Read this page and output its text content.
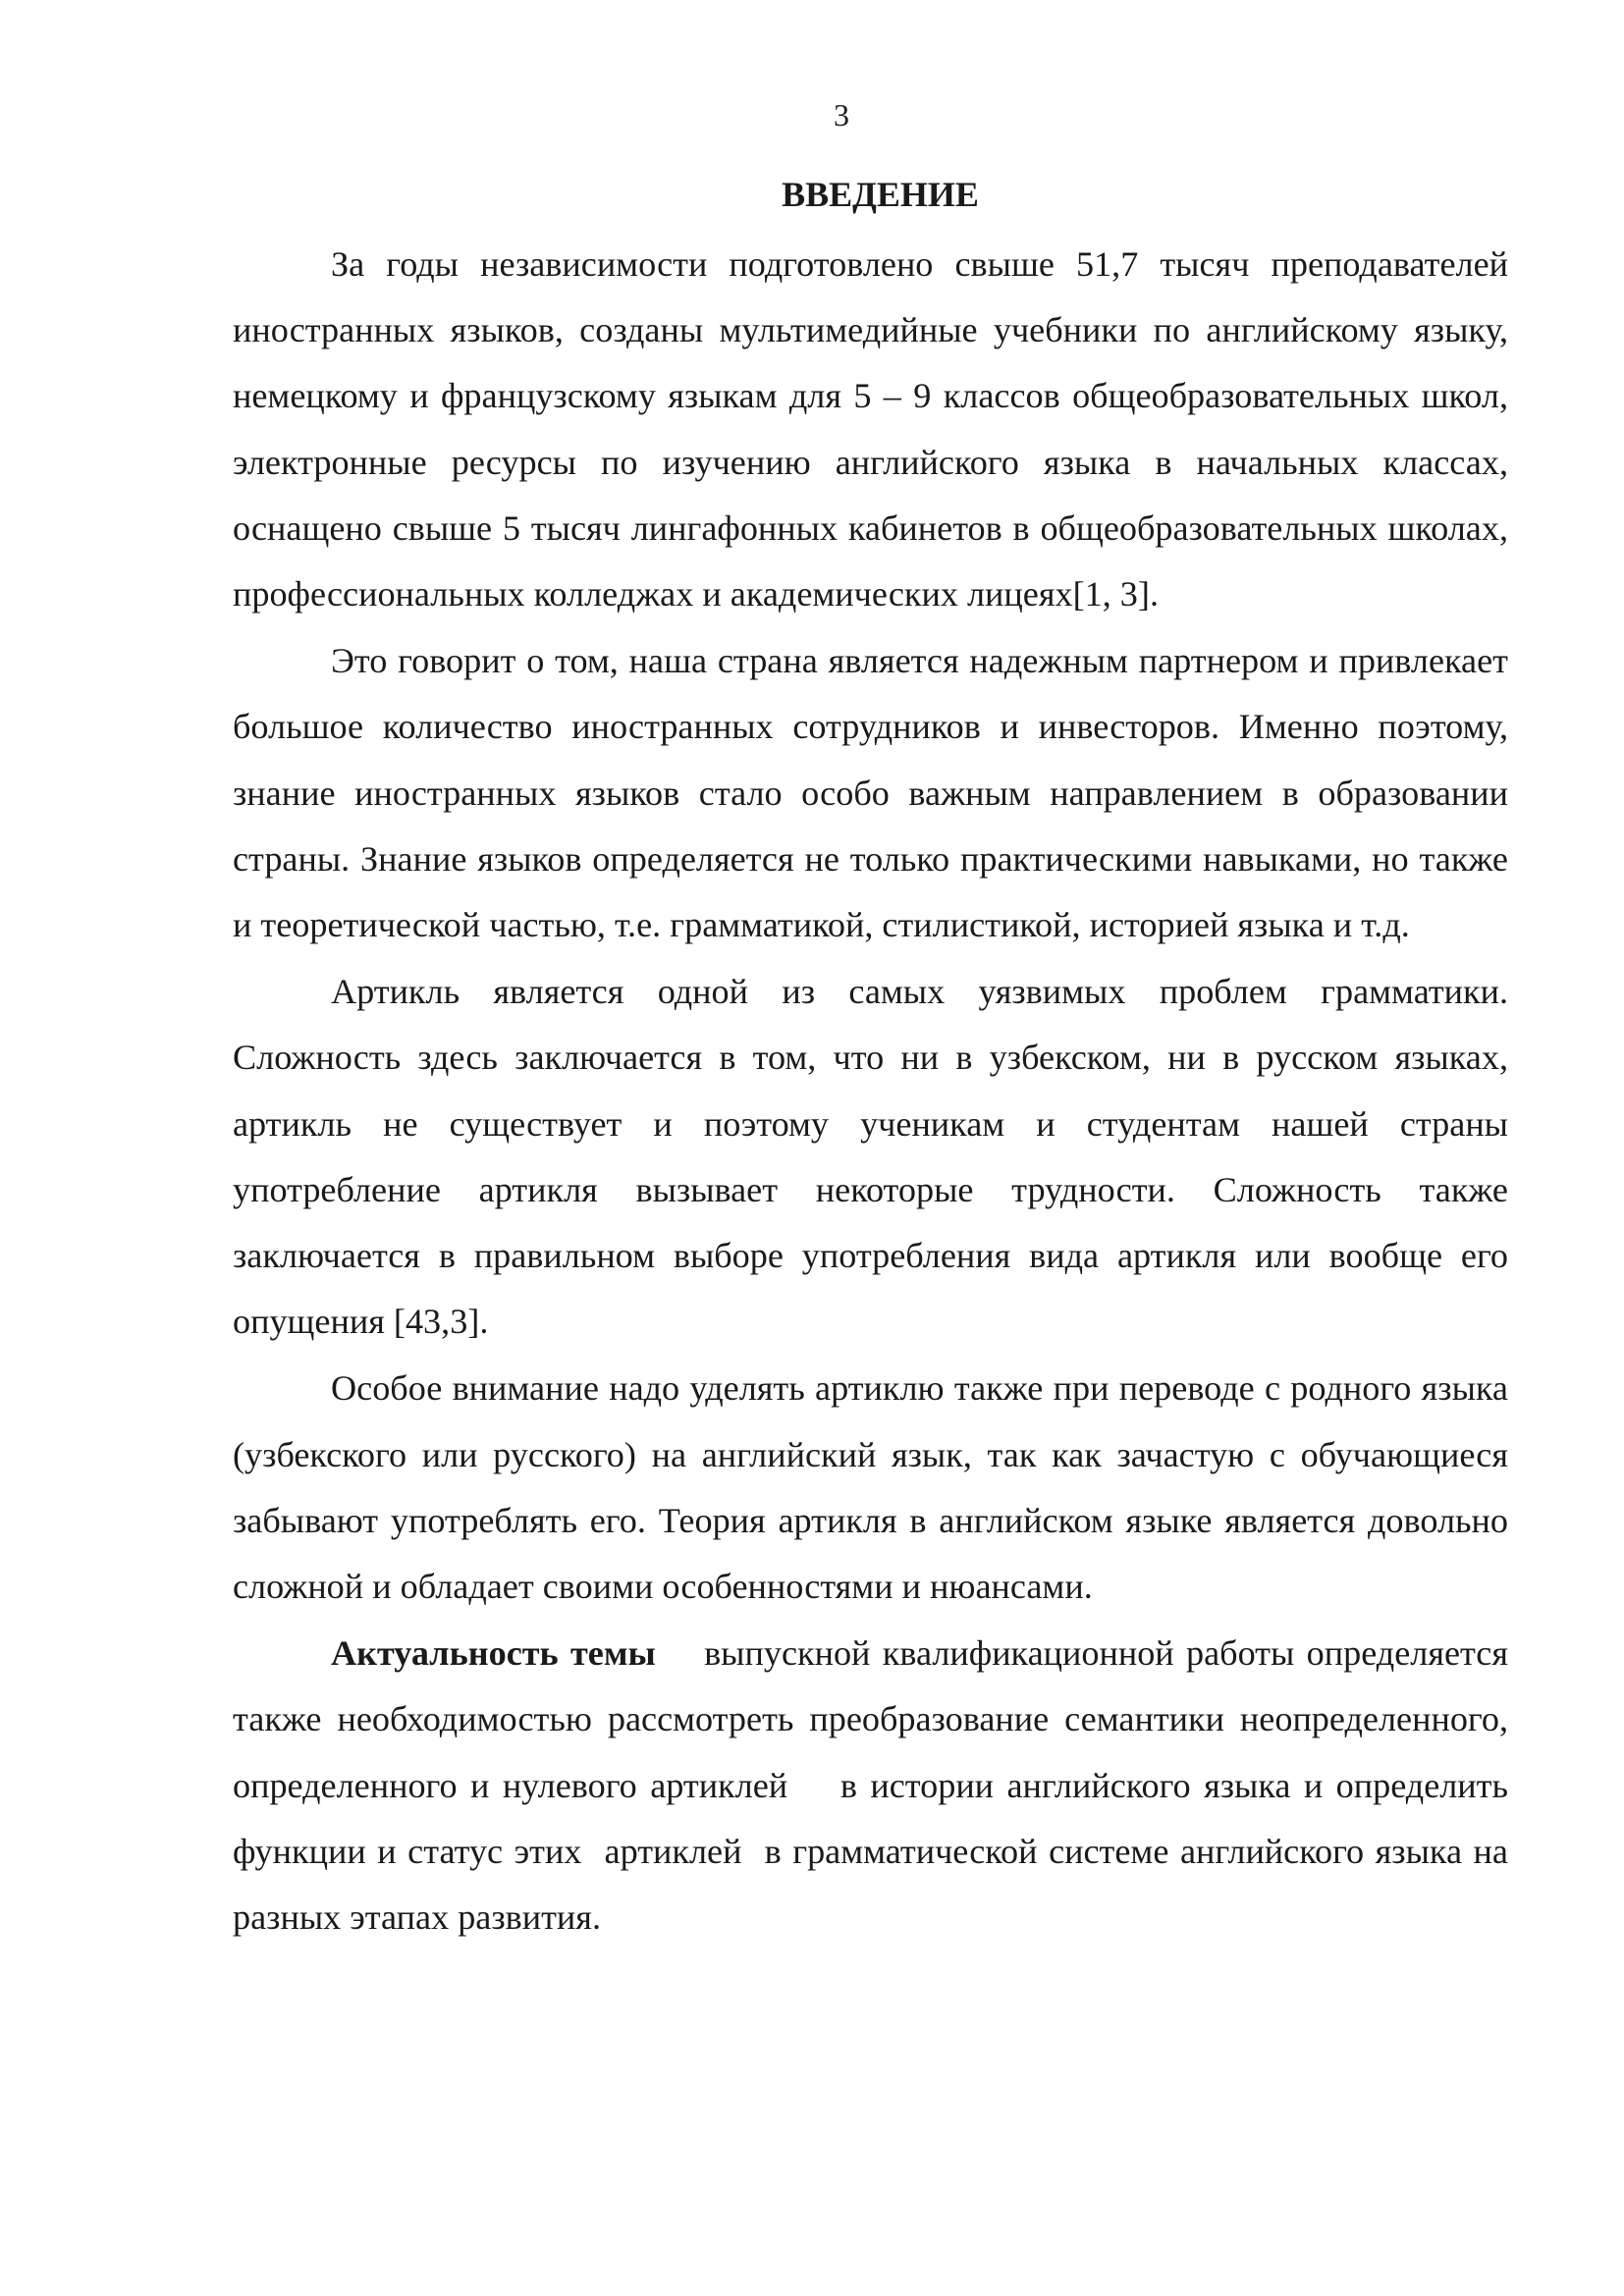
3
ВВЕДЕНИЕ

За годы независимости подготовлено свыше 51,7 тысяч преподавателей иностранных языков, созданы мультимедийные учебники по английскому языку, немецкому и французскому языкам для 5 – 9 классов общеобразовательных школ, электронные ресурсы по изучению английского языка в начальных классах, оснащено свыше 5 тысяч лингафонных кабинетов в общеобразовательных школах, профессиональных колледжах и академических лицеях[1, 3].

Это говорит о том, наша страна является надежным партнером и привлекает большое количество иностранных сотрудников и инвесторов. Именно поэтому, знание иностранных языков стало особо важным направлением в образовании страны. Знание языков определяется не только практическими навыками, но также и теоретической частью, т.е. грамматикой, стилистикой, историей языка и т.д.

Артикль является одной из самых уязвимых проблем грамматики. Сложность здесь заключается в том, что ни в узбекском, ни в русском языках, артикль не существует и поэтому ученикам и студентам нашей страны употребление артикля вызывает некоторые трудности. Сложность также заключается в правильном выборе употребления вида артикля или вообще его опущения [43,3].

Особое внимание надо уделять артиклю также при переводе с родного языка (узбекского или русского) на английский язык, так как зачастую с обучающиеся забывают употреблять его. Теория артикля в английском языке является довольно сложной и обладает своими особенностями и нюансами.

Актуальность темы    выпускной квалификационной работы определяется также необходимостью рассмотреть преобразование семантики неопределенного, определенного и нулевого артиклей    в истории английского языка и определить функции и статус этих  артиклей  в грамматической системе английского языка на разных этапах развития.
